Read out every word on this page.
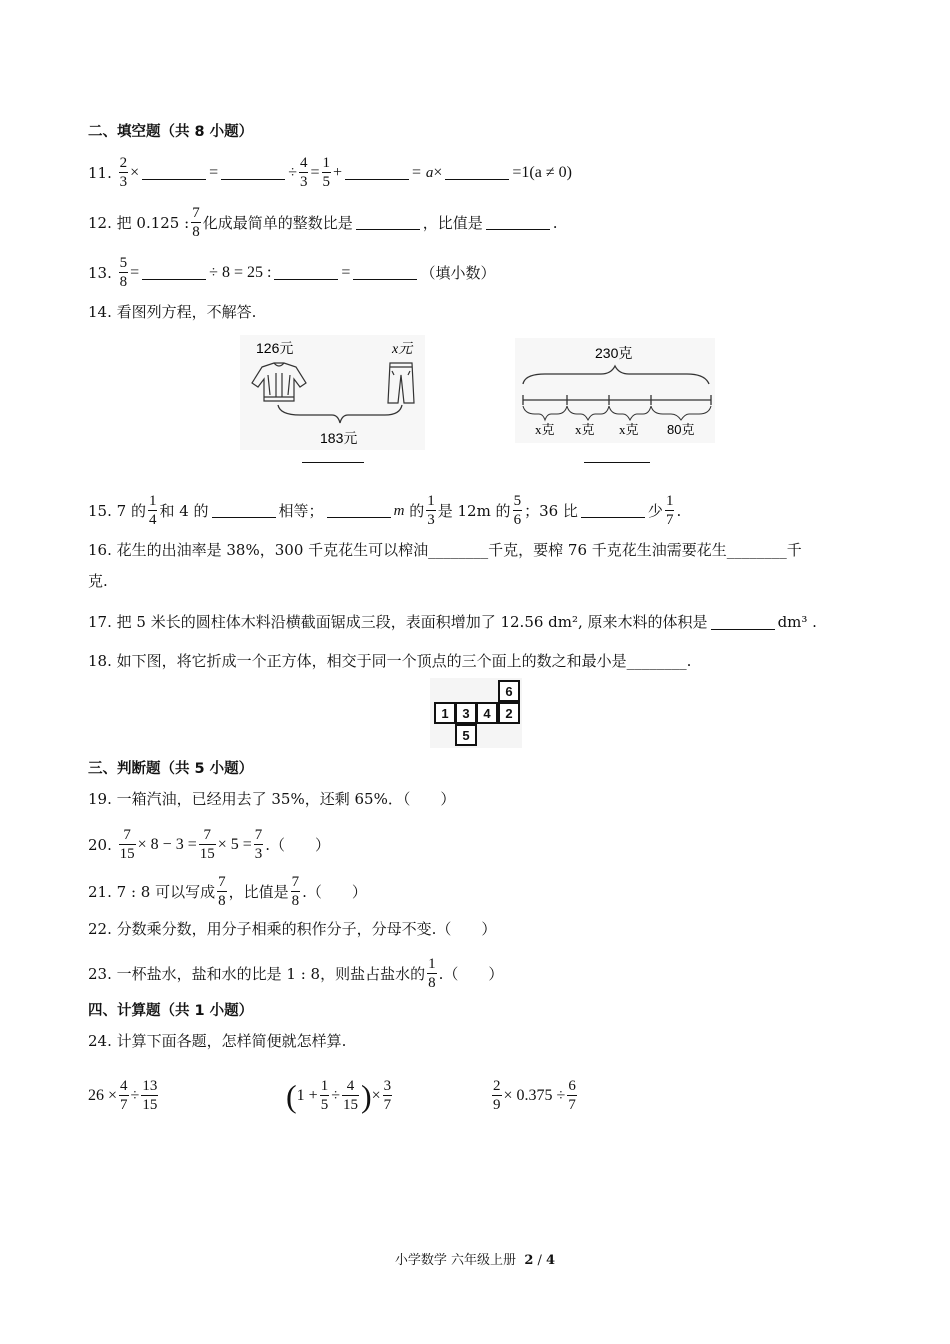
二、填空题（共 8 小题）
11.
$\frac{2}{3}$ ×	=	÷ $\frac{4}{3} = \frac{1}{5}$ +	=
a ×	= 1(a ≠ 0)
12.
把 0.125 : $\frac{7}{8}$ 化成最简单的整数比是	，比值是	.
13.
$\frac{5}{8}$ =	÷ 8 = 25 :	=	（填小数）
14.
看图列方程，不解答.
126元	x元
183元
230克
x克 x克 x克 80克
15.
7 的 $\frac{1}{4}$ 和 4 的	相等；	m
的 $\frac{1}{3}$ 是 12 m 的 $\frac{5}{6}$ ；36 比	少 $\frac{1}{7}$ .
16. 花生的出油率是 38%，300 千克花生可以榨油________千克，要榨 76 千克花生油需要花生________千
克.
17. 把 5 米长的圆柱体木料沿横截面锯成三段，表面积增加了 12.56 dm², 原来木料的体积是	dm³ .
18. 如下图，将它折成一个正方体，相交于同一个顶点的三个面上的数之和最小是________.
6
1 3 4 2
5
三、判断题（共 5 小题）
19. 一箱汽油，已经用去了 35%，还剩 65%．（　　）
20.
$\frac{7}{15} \times 8 - 3 = \frac{7}{15} \times 5 = \frac{7}{3}$ .（　　）
21.
7 : 8 可以写成 $\frac{7}{8}$ ，比值是 $\frac{7}{8}$ .（　　）
22. 分数乘分数，用分子相乘的积作分子，分母不变.（　　）
23. 一杯盐水，盐和水的比是 1 : 8，则盐占盐水的 $\frac{1}{8}$ .（　　）
四、计算题（共 1 小题）
24. 计算下面各题，怎样简便就怎样算.
$26 \times \frac{4}{7} \div \frac{13}{15}$	( $1 + \frac{1}{5} \div \frac{4}{15}$ ) × $\frac{3}{7}$	$\frac{2}{9} \times 0.375 \div \frac{6}{7}$
小学数学 六年级上册 2 / 4
